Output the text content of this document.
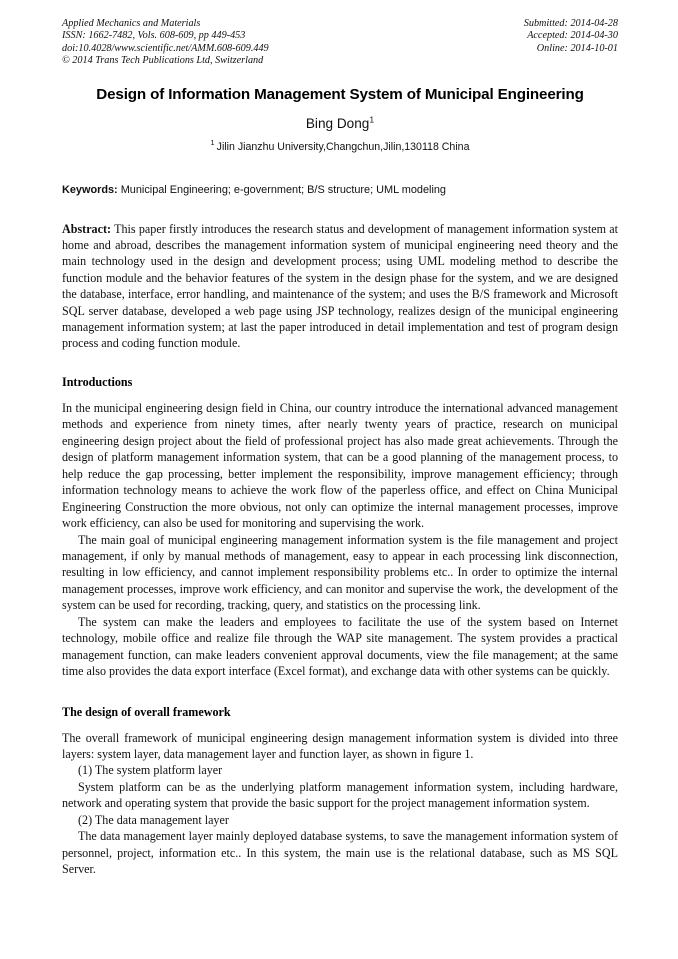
Applied Mechanics and Materials
ISSN: 1662-7482, Vols. 608-609, pp 449-453
doi:10.4028/www.scientific.net/AMM.608-609.449
© 2014 Trans Tech Publications Ltd, Switzerland
Submitted: 2014-04-28
Accepted: 2014-04-30
Online: 2014-10-01
Design of Information Management System of Municipal Engineering
Bing Dong$^1$
$^1$ Jilin Jianzhu University,Changchun,Jilin,130118 China
Keywords: Municipal Engineering; e-government; B/S structure; UML modeling
Abstract: This paper firstly introduces the research status and development of management information system at home and abroad, describes the management information system of municipal engineering need theory and the main technology used in the design and development process; using UML modeling method to describe the function module and the behavior features of the system in the design phase for the system, and we are designed the database, interface, error handling, and maintenance of the system; and uses the B/S framework and Microsoft SQL server database, developed a web page using JSP technology, realizes design of the municipal engineering management information system; at last the paper introduced in detail implementation and test of program design process and coding function module.
Introductions

In the municipal engineering design field in China, our country introduce the international advanced management methods and experience from ninety times, after nearly twenty years of practice, research on municipal engineering design project about the field of professional project has also made great achievements. Through the design of platform management information system, that can be a good planning of the management process, to help reduce the gap processing, better implement the responsibility, improve management efficiency; through information technology means to achieve the work flow of the paperless office, and effect on China Municipal Engineering Construction the more obvious, not only can optimize the internal management processes, improve work efficiency, can also be used for monitoring and supervising the work.

The main goal of municipal engineering management information system is the file management and project management, if only by manual methods of management, easy to appear in each processing link disconnection, resulting in low efficiency, and cannot implement responsibility problems etc.. In order to optimize the internal management processes, improve work efficiency, and can monitor and supervise the work, the development of the system can be used for recording, tracking, query, and statistics on the processing link.

The system can make the leaders and employees to facilitate the use of the system based on Internet technology, mobile office and realize file through the WAP site management. The system provides a practical management function, can make leaders convenient approval documents, view the file management; at the same time also provides the data export interface (Excel format), and exchange data with other systems can be quickly.

The design of overall framework

The overall framework of municipal engineering design management information system is divided into three layers: system layer, data management layer and function layer, as shown in figure 1.

(1) The system platform layer

System platform can be as the underlying platform management information system, including hardware, network and operating system that provide the basic support for the project management information system.

(2) The data management layer

The data management layer mainly deployed database systems, to save the management information system of personnel, project, information etc.. In this system, the main use is the relational database, such as MS SQL Server.
